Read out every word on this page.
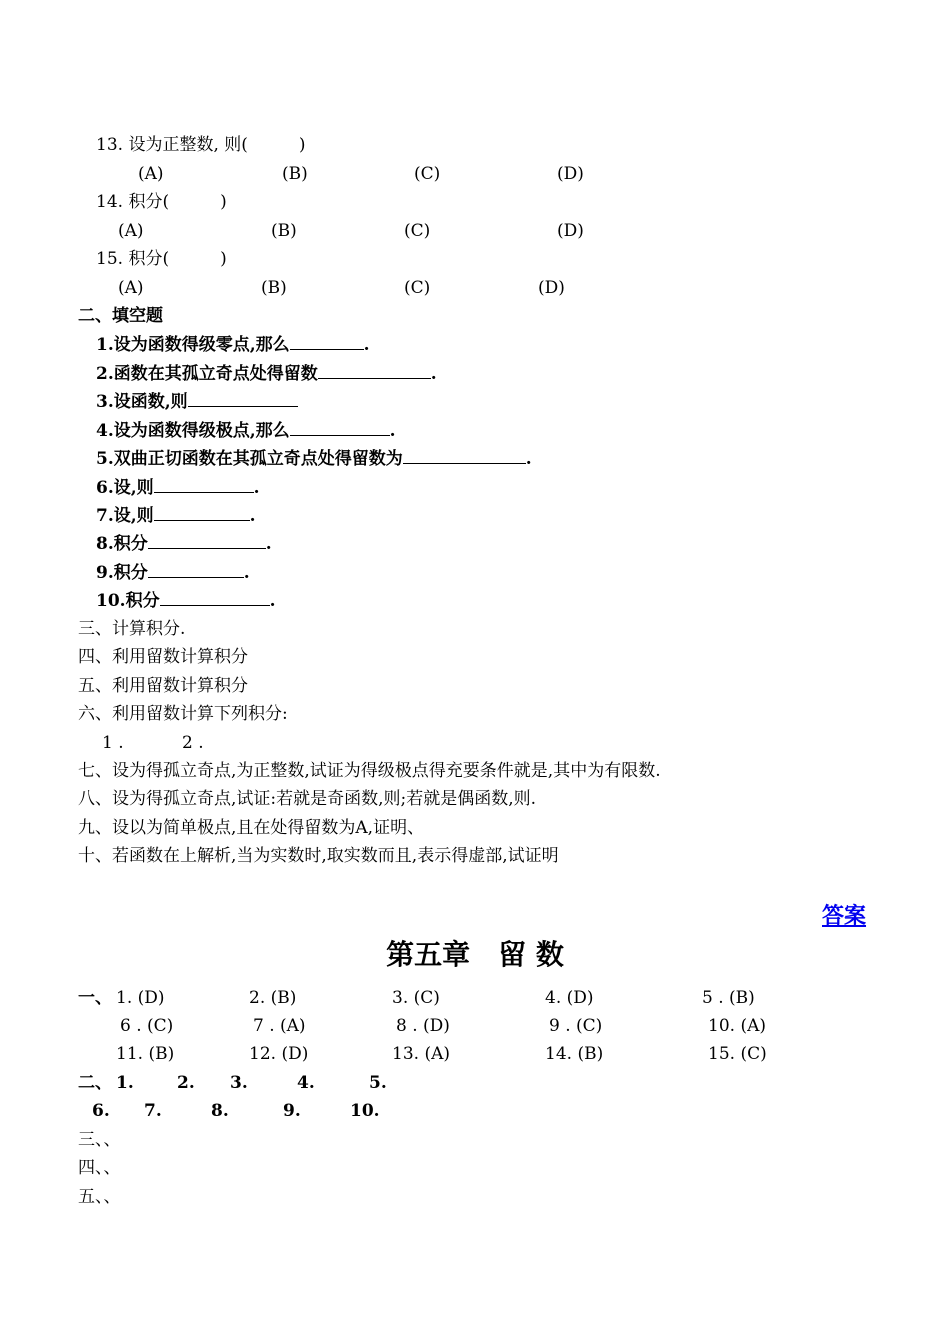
13. 设为正整数, 则(　　　)
(A)	(B)	(C)	(D)
14. 积分(　　　)
(A)	(B)	(C)	(D)
15. 积分(　　　)
(A)	(B)	(C)	(D)
二、填空题
1.设为函数得级零点,那么	.
2.函数在其孤立奇点处得留数	.
3.设函数,则
4.设为函数得级极点,那么	.
5.双曲正切函数在其孤立奇点处得留数为	.
6.设,则	.
7.设,则	.
8.积分	.
9.积分	.
10.积分	.
三、计算积分.
四、利用留数计算积分
五、利用留数计算积分
六、利用留数计算下列积分:
1 .	2 .
七、设为得孤立奇点,为正整数,试证为得级极点得充要条件就是,其中为有限数.
八、设为得孤立奇点,试证:若就是奇函数,则;若就是偶函数,则.
九、设以为简单极点,且在处得留数为A,证明、
十、若函数在上解析,当为实数时,取实数而且,表示得虚部,试证明
答案
第五章　留 数
一、 1. (D)	2. (B)	3. (C)	4. (D)	5 . (B)
6 . (C)	7 . (A)	8 . (D)	9 . (C)	10. (A)
11. (B)	12. (D)	13. (A)	14. (B)	15. (C)
二、 1.	2. 3.	4.	5.
6. 7.	8.	9.	10.
三、、
四、、
五、、
